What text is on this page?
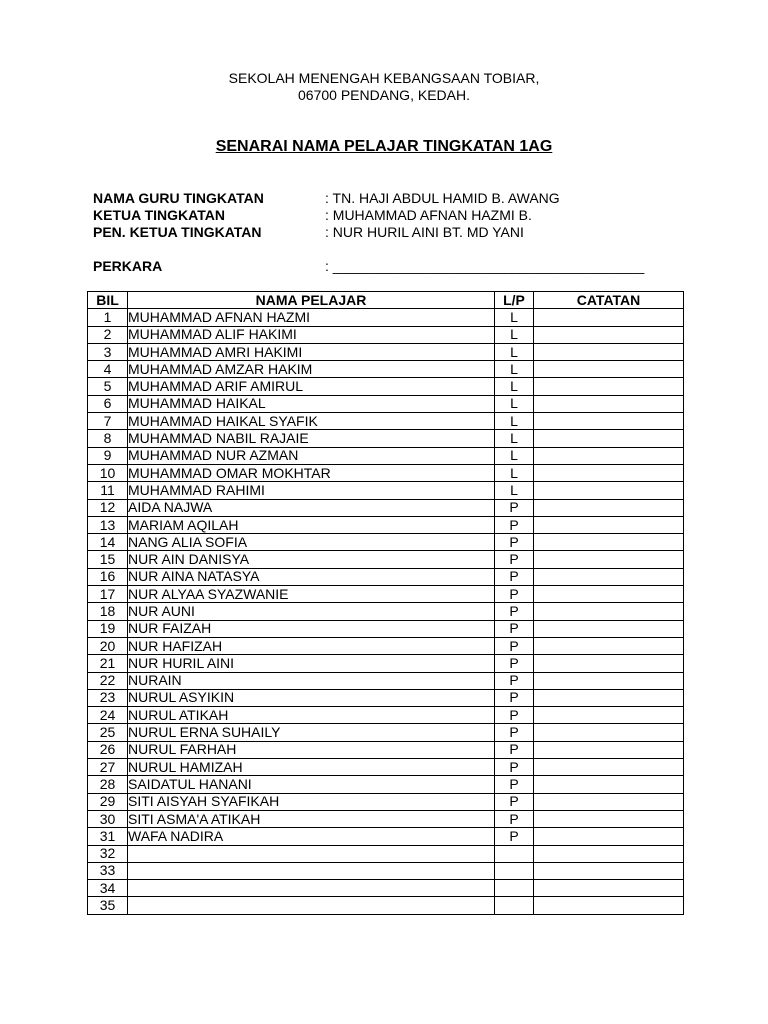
SEKOLAH MENENGAH KEBANGSAAN TOBIAR,
06700 PENDANG, KEDAH.
SENARAI NAMA PELAJAR TINGKATAN 1AG
NAMA GURU TINGKATAN	: TN. HAJI ABDUL HAMID B. AWANG
KETUA TINGKATAN	: MUHAMMAD AFNAN HAZMI B.
PEN. KETUA TINGKATAN	: NUR HURIL AINI BT. MD YANI
PERKARA	: ________________________________________
BIL	NAMA PELAJAR	L/P	CATATAN
1	MUHAMMAD AFNAN HAZMI	L	
2	MUHAMMAD ALIF HAKIMI	L	
3	MUHAMMAD AMRI HAKIMI	L	
4	MUHAMMAD AMZAR HAKIM	L	
5	MUHAMMAD ARIF AMIRUL	L	
6	MUHAMMAD HAIKAL	L	
7	MUHAMMAD HAIKAL SYAFIK	L	
8	MUHAMMAD NABIL RAJAIE	L	
9	MUHAMMAD NUR AZMAN	L	
10	MUHAMMAD OMAR MOKHTAR	L	
11	MUHAMMAD RAHIMI	L	
12	AIDA NAJWA	P	
13	MARIAM AQILAH	P	
14	NANG ALIA SOFIA	P	
15	NUR AIN DANISYA	P	
16	NUR AINA NATASYA	P	
17	NUR ALYAA SYAZWANIE	P	
18	NUR AUNI	P	
19	NUR FAIZAH	P	
20	NUR HAFIZAH	P	
21	NUR HURIL AINI	P	
22	NURAIN	P	
23	NURUL ASYIKIN	P	
24	NURUL ATIKAH	P	
25	NURUL ERNA SUHAILY	P	
26	NURUL FARHAH	P	
27	NURUL HAMIZAH	P	
28	SAIDATUL HANANI	P	
29	SITI AISYAH SYAFIKAH	P	
30	SITI ASMA'A ATIKAH	P	
31	WAFA NADIRA	P	
32			
33			
34			
35			
